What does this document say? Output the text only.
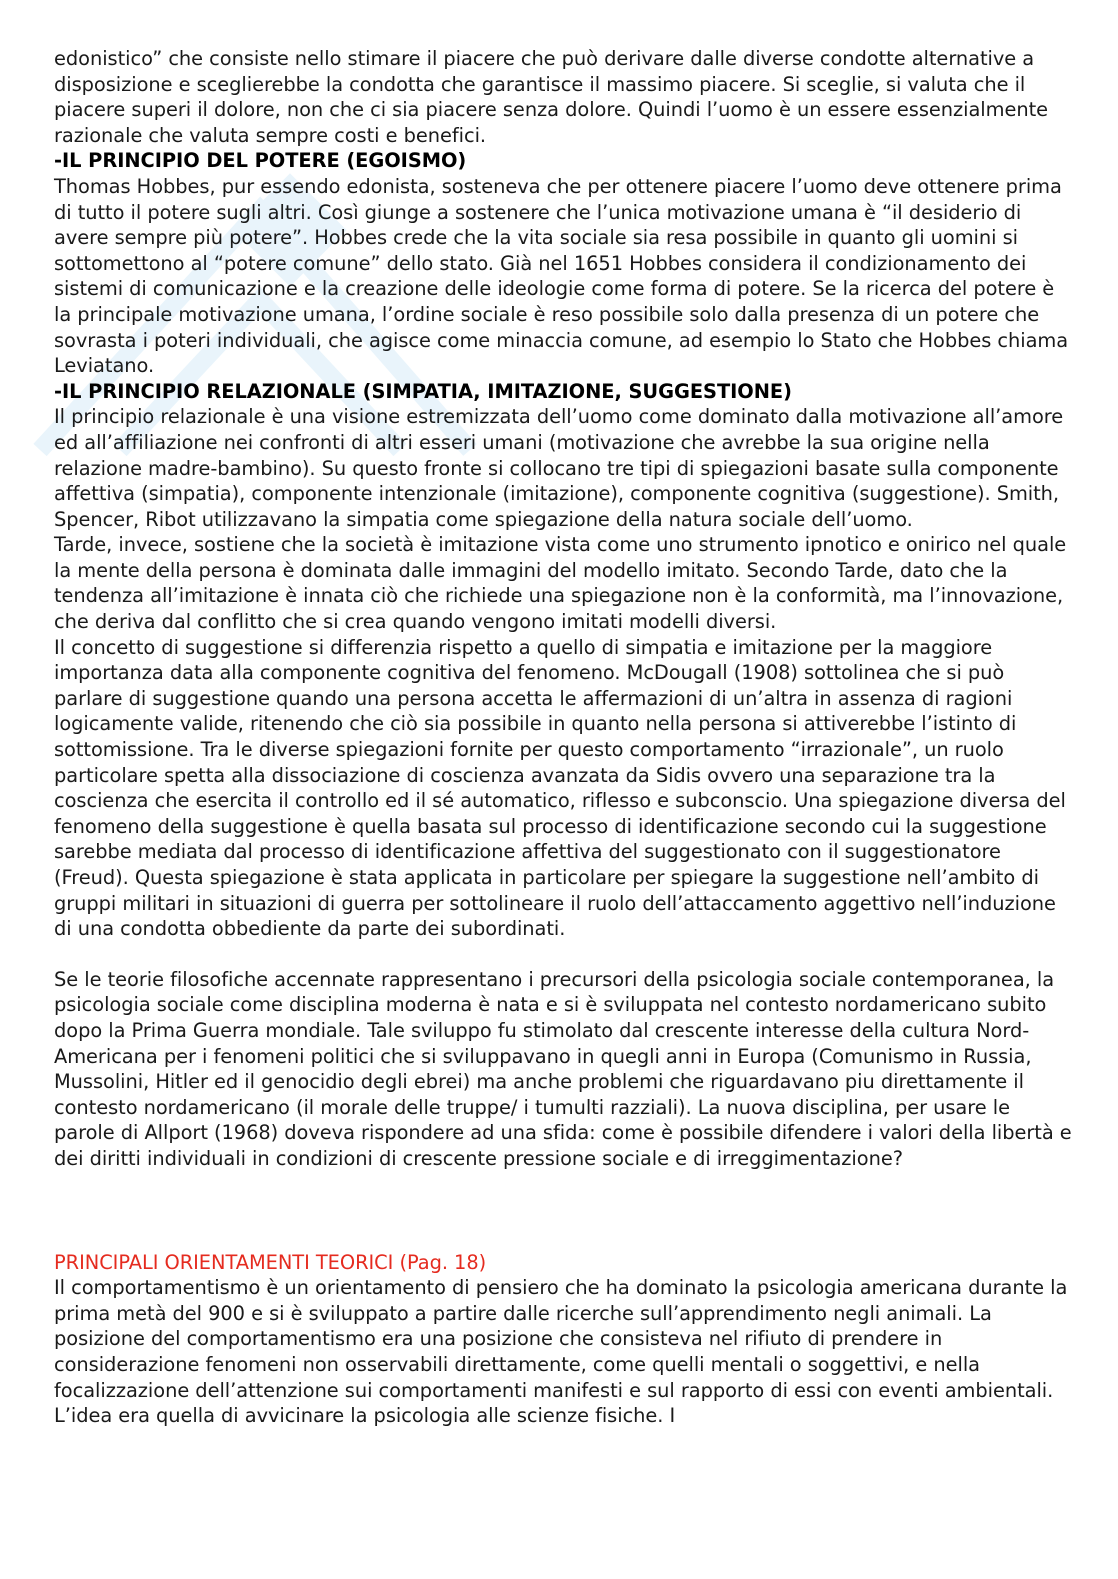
edonistico” che consiste nello stimare il piacere che può derivare dalle diverse condotte alternative a disposizione e sceglierebbe la condotta che garantisce il massimo piacere. Si sceglie, si valuta che il piacere superi il dolore, non che ci sia piacere senza dolore. Quindi l’uomo è un essere essenzialmente razionale che valuta sempre costi e benefici.

-IL PRINCIPIO DEL POTERE (EGOISMO)

Thomas Hobbes, pur essendo edonista, sosteneva che per ottenere piacere l’uomo deve ottenere prima di tutto il potere sugli altri. Così giunge a sostenere che l’unica motivazione umana è “il desiderio di avere sempre più potere”. Hobbes crede che la vita sociale sia resa possibile in quanto gli uomini si sottomettono al “potere comune” dello stato. Già nel 1651 Hobbes considera il condizionamento dei sistemi di comunicazione e la creazione delle ideologie come forma di potere. Se la ricerca del potere è la principale motivazione umana, l’ordine sociale è reso possibile solo dalla presenza di un potere che sovrasta i poteri individuali, che agisce come minaccia comune, ad esempio lo Stato che Hobbes chiama Leviatano.

-IL PRINCIPIO RELAZIONALE (SIMPATIA, IMITAZIONE, SUGGESTIONE)

Il principio relazionale è una visione estremizzata dell’uomo come dominato dalla motivazione all’amore ed all’affiliazione nei confronti di altri esseri umani (motivazione che avrebbe la sua origine nella relazione madre-bambino). Su questo fronte si collocano tre tipi di spiegazioni basate sulla componente affettiva (simpatia), componente intenzionale (imitazione), componente cognitiva (suggestione). Smith, Spencer, Ribot utilizzavano la simpatia come spiegazione della natura sociale dell’uomo.

Tarde, invece, sostiene che la società è imitazione vista come uno strumento ipnotico e onirico nel quale la mente della persona è dominata dalle immagini del modello imitato. Secondo Tarde, dato che la tendenza all’imitazione è innata ciò che richiede una spiegazione non è la conformità, ma l’innovazione, che deriva dal conflitto che si crea quando vengono imitati modelli diversi.

Il concetto di suggestione si differenzia rispetto a quello di simpatia e imitazione per la maggiore importanza data alla componente cognitiva del fenomeno. McDougall (1908) sottolinea che si può parlare di suggestione quando una persona accetta le affermazioni di un’altra in assenza di ragioni logicamente valide, ritenendo che ciò sia possibile in quanto nella persona si attiverebbe l’istinto di sottomissione. Tra le diverse spiegazioni fornite per questo comportamento “irrazionale”, un ruolo particolare spetta alla dissociazione di coscienza avanzata da Sidis ovvero una separazione tra la coscienza che esercita il controllo ed il sé automatico, riflesso e subconscio. Una spiegazione diversa del fenomeno della suggestione è quella basata sul processo di identificazione secondo cui la suggestione sarebbe mediata dal processo di identificazione affettiva del suggestionato con il suggestionatore (Freud). Questa spiegazione è stata applicata in particolare per spiegare la suggestione nell’ambito di gruppi militari in situazioni di guerra per sottolineare il ruolo dell’attaccamento aggettivo nell’induzione di una condotta obbediente da parte dei subordinati.

Se le teorie filosofiche accennate rappresentano i precursori della psicologia sociale contemporanea, la psicologia sociale come disciplina moderna è nata e si è sviluppata nel contesto nordamericano subito dopo la Prima Guerra mondiale. Tale sviluppo fu stimolato dal crescente interesse della cultura Nord-Americana per i fenomeni politici che si sviluppavano in quegli anni in Europa (Comunismo in Russia, Mussolini, Hitler ed il genocidio degli ebrei) ma anche problemi che riguardavano piu direttamente il contesto nordamericano (il morale delle truppe/ i tumulti razziali). La nuova disciplina, per usare le parole di Allport (1968) doveva rispondere ad una sfida: come è possibile difendere i valori della libertà e dei diritti individuali in condizioni di crescente pressione sociale e di irreggimentazione?

PRINCIPALI ORIENTAMENTI TEORICI (Pag. 18)

Il comportamentismo è un orientamento di pensiero che ha dominato la psicologia americana durante la prima metà del 900 e si è sviluppato a partire dalle ricerche sull’apprendimento negli animali. La posizione del comportamentismo era una posizione che consisteva nel rifiuto di prendere in considerazione fenomeni non osservabili direttamente, come quelli mentali o soggettivi, e nella focalizzazione dell’attenzione sui comportamenti manifesti e sul rapporto di essi con eventi ambientali. L’idea era quella di avvicinare la psicologia alle scienze fisiche. I
